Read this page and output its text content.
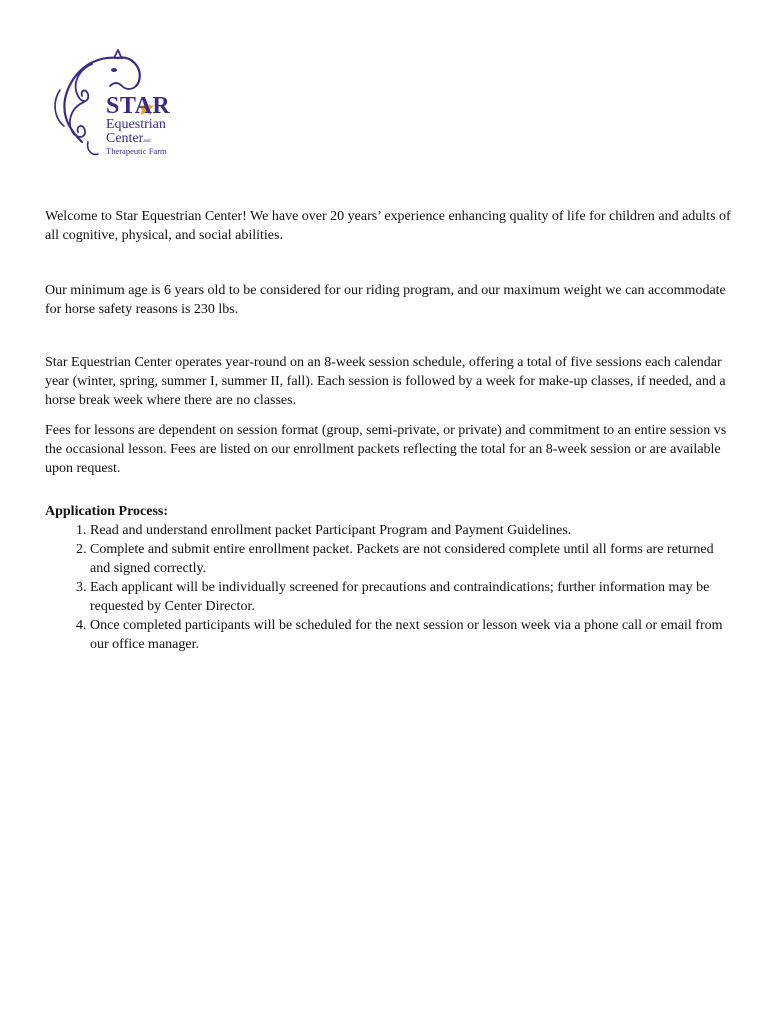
STAR
Equestrian
Centerand
Therapeutic Farm

Welcome to Star Equestrian Center! We have over 20 years’ experience enhancing quality of life for children and adults of all cognitive, physical, and social abilities.

Our minimum age is 6 years old to be considered for our riding program, and our maximum weight we can accommodate for horse safety reasons is 230 lbs.

Star Equestrian Center operates year-round on an 8-week session schedule, offering a total of five sessions each calendar year (winter, spring, summer I, summer II, fall). Each session is followed by a week for make-up classes, if needed, and a horse break week where there are no classes.

Fees for lessons are dependent on session format (group, semi-private, or private) and commitment to an entire session vs the occasional lesson. Fees are listed on our enrollment packets reflecting the total for an 8-week session or are available upon request.

Application Process:

1. Read and understand enrollment packet Participant Program and Payment Guidelines.
2. Complete and submit entire enrollment packet. Packets are not considered complete until all forms are returned and signed correctly.
3. Each applicant will be individually screened for precautions and contraindications; further information may be requested by Center Director.
4. Once completed participants will be scheduled for the next session or lesson week via a phone call or email from our office manager.
